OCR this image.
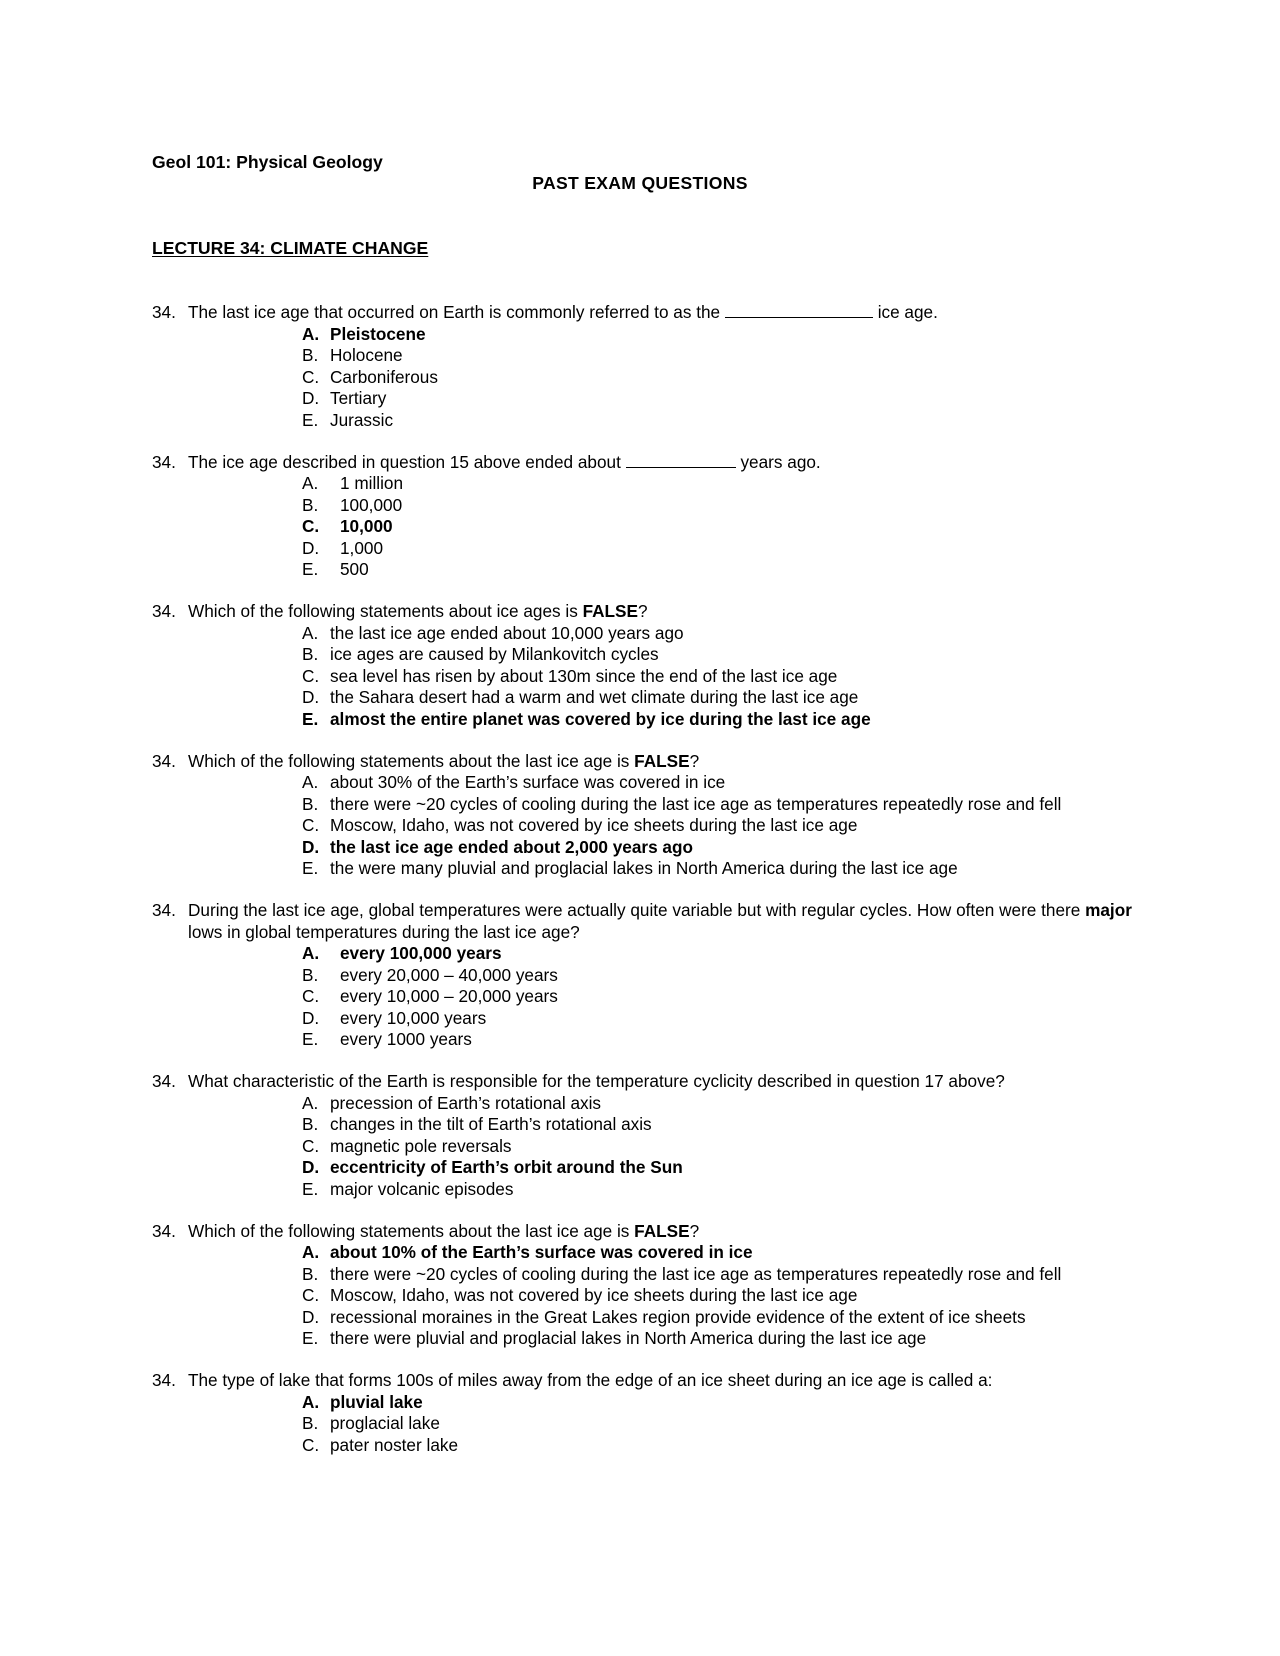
Geol 101: Physical Geology
PAST EXAM QUESTIONS
LECTURE 34: CLIMATE CHANGE
34. The last ice age that occurred on Earth is commonly referred to as the	ice age.
A. Pleistocene
B. Holocene
C. Carboniferous
D. Tertiary
E. Jurassic
34. The ice age described in question 15 above ended about	years ago.
A.	1 million
B.	100,000
C.	10,000
D.	1,000
E.	500
34. Which of the following statements about ice ages is FALSE?
A. the last ice age ended about 10,000 years ago
B. ice ages are caused by Milankovitch cycles
C. sea level has risen by about 130m since the end of the last ice age
D. the Sahara desert had a warm and wet climate during the last ice age
E. almost the entire planet was covered by ice during the last ice age
34. Which of the following statements about the last ice age is FALSE?
A. about 30% of the Earth’s surface was covered in ice
B. there were ~20 cycles of cooling during the last ice age as temperatures repeatedly rose and fell
C. Moscow, Idaho, was not covered by ice sheets during the last ice age
D. the last ice age ended about 2,000 years ago
E. the were many pluvial and proglacial lakes in North America during the last ice age
34. During the last ice age, global temperatures were actually quite variable but with regular cycles. How often were there major lows in global temperatures during the last ice age?
A.	every 100,000 years
B.	every 20,000 – 40,000 years
C.	every 10,000 – 20,000 years
D.	every 10,000 years
E.	every 1000 years
34. What characteristic of the Earth is responsible for the temperature cyclicity described in question 17 above?
A. precession of Earth’s rotational axis
B. changes in the tilt of Earth’s rotational axis
C. magnetic pole reversals
D. eccentricity of Earth’s orbit around the Sun
E. major volcanic episodes
34. Which of the following statements about the last ice age is FALSE?
A. about 10% of the Earth’s surface was covered in ice
B. there were ~20 cycles of cooling during the last ice age as temperatures repeatedly rose and fell
C. Moscow, Idaho, was not covered by ice sheets during the last ice age
D. recessional moraines in the Great Lakes region provide evidence of the extent of ice sheets
E. there were pluvial and proglacial lakes in North America during the last ice age
34. The type of lake that forms 100s of miles away from the edge of an ice sheet during an ice age is called a:
A. pluvial lake
B. proglacial lake
C. pater noster lake
